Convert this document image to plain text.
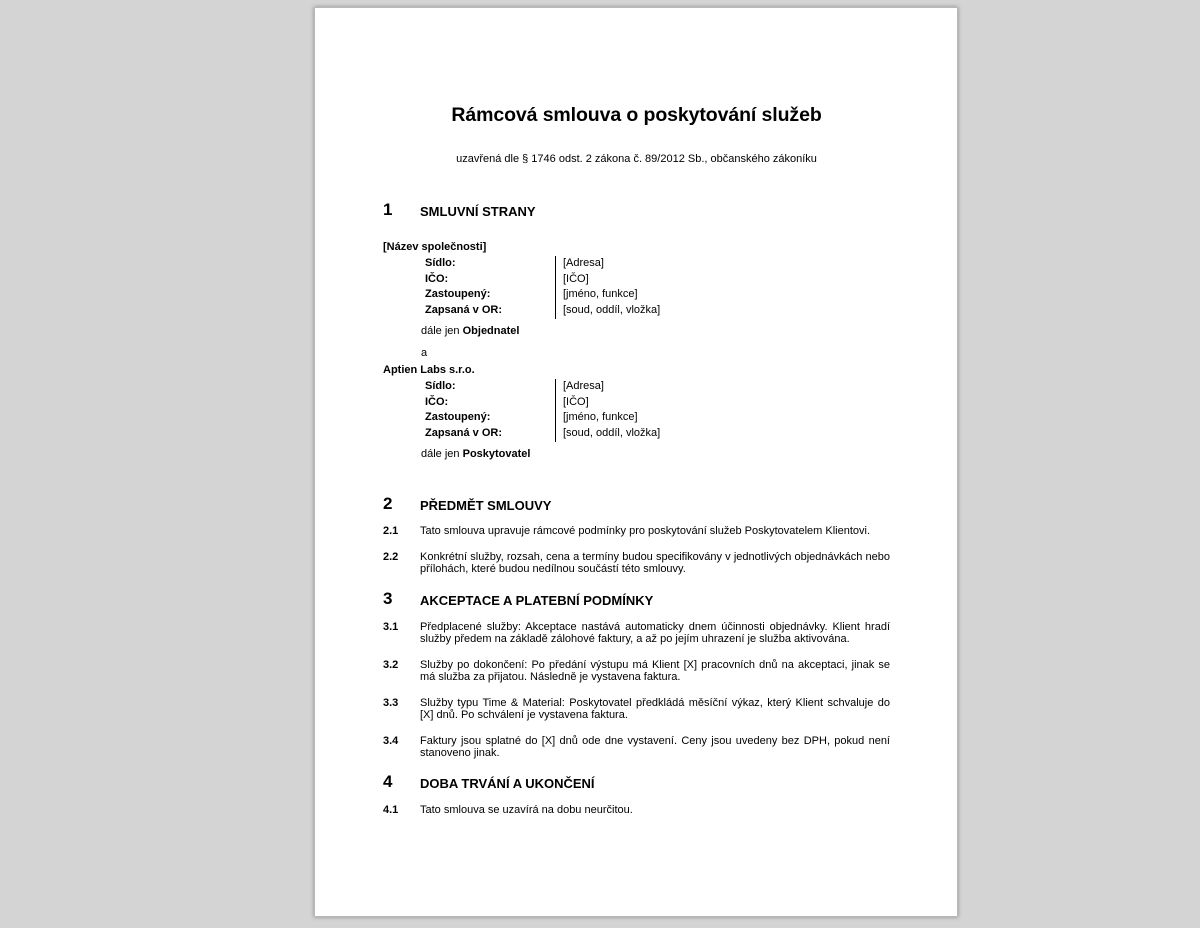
Rámcová smlouva o poskytování služeb
uzavřená dle § 1746 odst. 2 zákona č. 89/2012 Sb., občanského zákoníku
1 SMLUVNÍ STRANY
[Název společnosti]
Sídlo:	[Adresa]
IČO:	[IČO]
Zastoupený:	[jméno, funkce]
Zapsaná v OR:	[soud, oddíl, vložka]
dále jen Objednatel
a
Aptien Labs s.r.o.
Sídlo:	[Adresa]
IČO:	[IČO]
Zastoupený:	[jméno, funkce]
Zapsaná v OR:	[soud, oddíl, vložka]
dále jen Poskytovatel
2 PŘEDMĚT SMLOUVY
2.1 Tato smlouva upravuje rámcové podmínky pro poskytování služeb Poskytovatelem Klientovi.
2.2 Konkrétní služby, rozsah, cena a termíny budou specifikovány v jednotlivých objednávkách nebo přílohách, které budou nedílnou součástí této smlouvy.
3 AKCEPTACE A PLATEBNÍ PODMÍNKY
3.1 Předplacené služby: Akceptace nastává automaticky dnem účinnosti objednávky. Klient hradí služby předem na základě zálohové faktury, a až po jejím uhrazení je služba aktivována.
3.2 Služby po dokončení: Po předání výstupu má Klient [X] pracovních dnů na akceptaci, jinak se má služba za přijatou. Následně je vystavena faktura.
3.3 Služby typu Time & Material: Poskytovatel předkládá měsíční výkaz, který Klient schvaluje do [X] dnů. Po schválení je vystavena faktura.
3.4 Faktury jsou splatné do [X] dnů ode dne vystavení. Ceny jsou uvedeny bez DPH, pokud není stanoveno jinak.
4 DOBA TRVÁNÍ A UKONČENÍ
4.1 Tato smlouva se uzavírá na dobu neurčitou.
